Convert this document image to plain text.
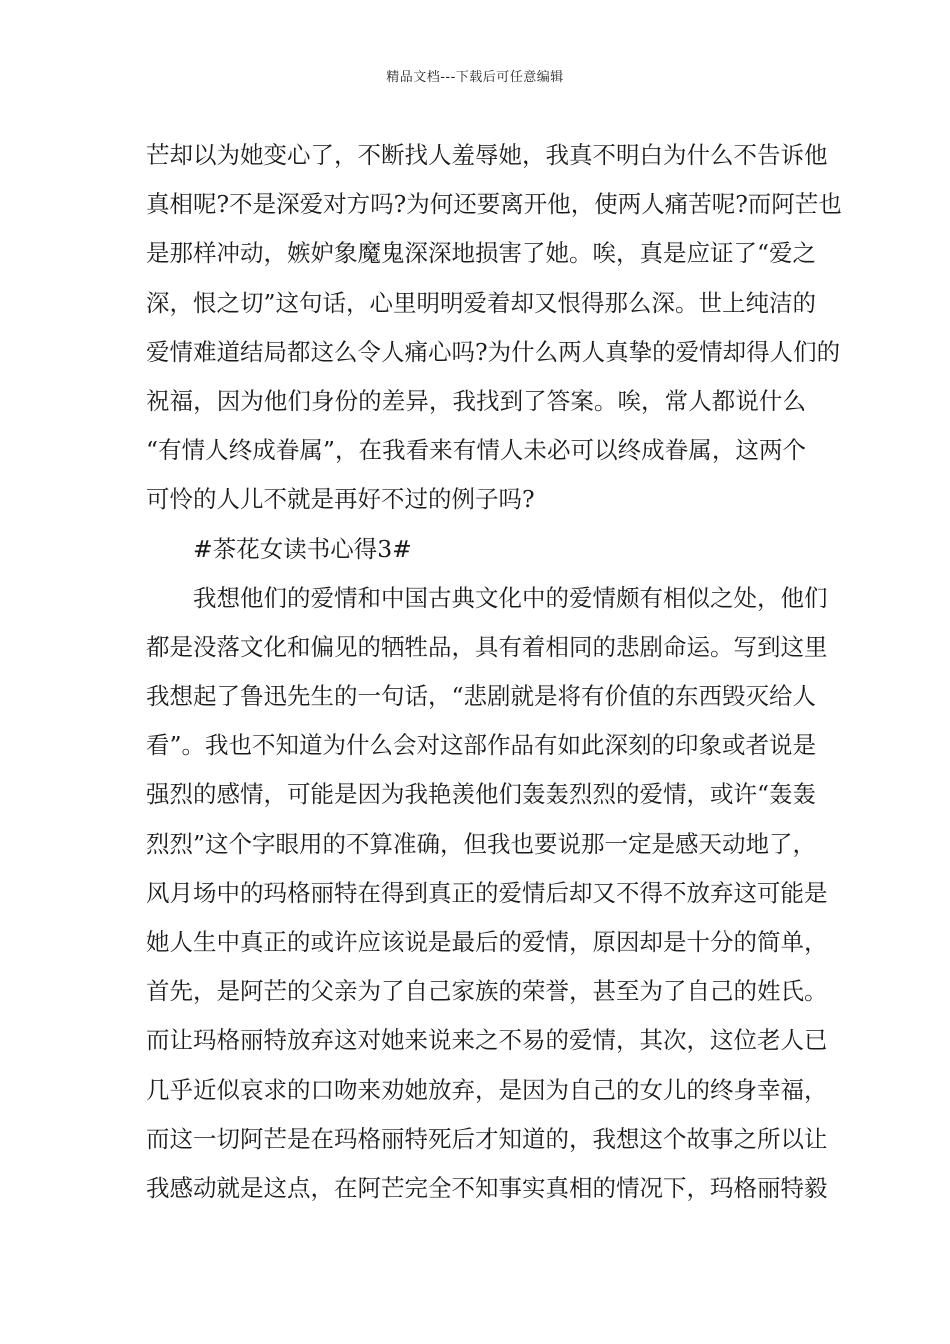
精品文档---下载后可任意编辑
芒却以为她变心了，不断找人羞辱她，我真不明白为什么不告诉他
真相呢?不是深爱对方吗?为何还要离开他，使两人痛苦呢?而阿芒也
是那样冲动，嫉妒象魔鬼深深地损害了她。唉，真是应证了“爱之
深，恨之切”这句话，心里明明爱着却又恨得那么深。世上纯洁的
爱情难道结局都这么令人痛心吗?为什么两人真挚的爱情却得人们的
祝福，因为他们身份的差异，我找到了答案。唉，常人都说什么
“有情人终成眷属”，在我看来有情人未必可以终成眷属，这两个
可怜的人儿不就是再好不过的例子吗?
#茶花女读书心得3#
我想他们的爱情和中国古典文化中的爱情颇有相似之处，他们
都是没落文化和偏见的牺牲品，具有着相同的悲剧命运。写到这里
我想起了鲁迅先生的一句话，“悲剧就是将有价值的东西毁灭给人
看”。我也不知道为什么会对这部作品有如此深刻的印象或者说是
强烈的感情，可能是因为我艳羡他们轰轰烈烈的爱情，或许“轰轰
烈烈”这个字眼用的不算准确，但我也要说那一定是感天动地了，
风月场中的玛格丽特在得到真正的爱情后却又不得不放弃这可能是
她人生中真正的或许应该说是最后的爱情，原因却是十分的简单，
首先，是阿芒的父亲为了自己家族的荣誉，甚至为了自己的姓氏。
而让玛格丽特放弃这对她来说来之不易的爱情，其次，这位老人已
几乎近似哀求的口吻来劝她放弃，是因为自己的女儿的终身幸福，
而这一切阿芒是在玛格丽特死后才知道的，我想这个故事之所以让
我感动就是这点，在阿芒完全不知事实真相的情况下，玛格丽特毅
